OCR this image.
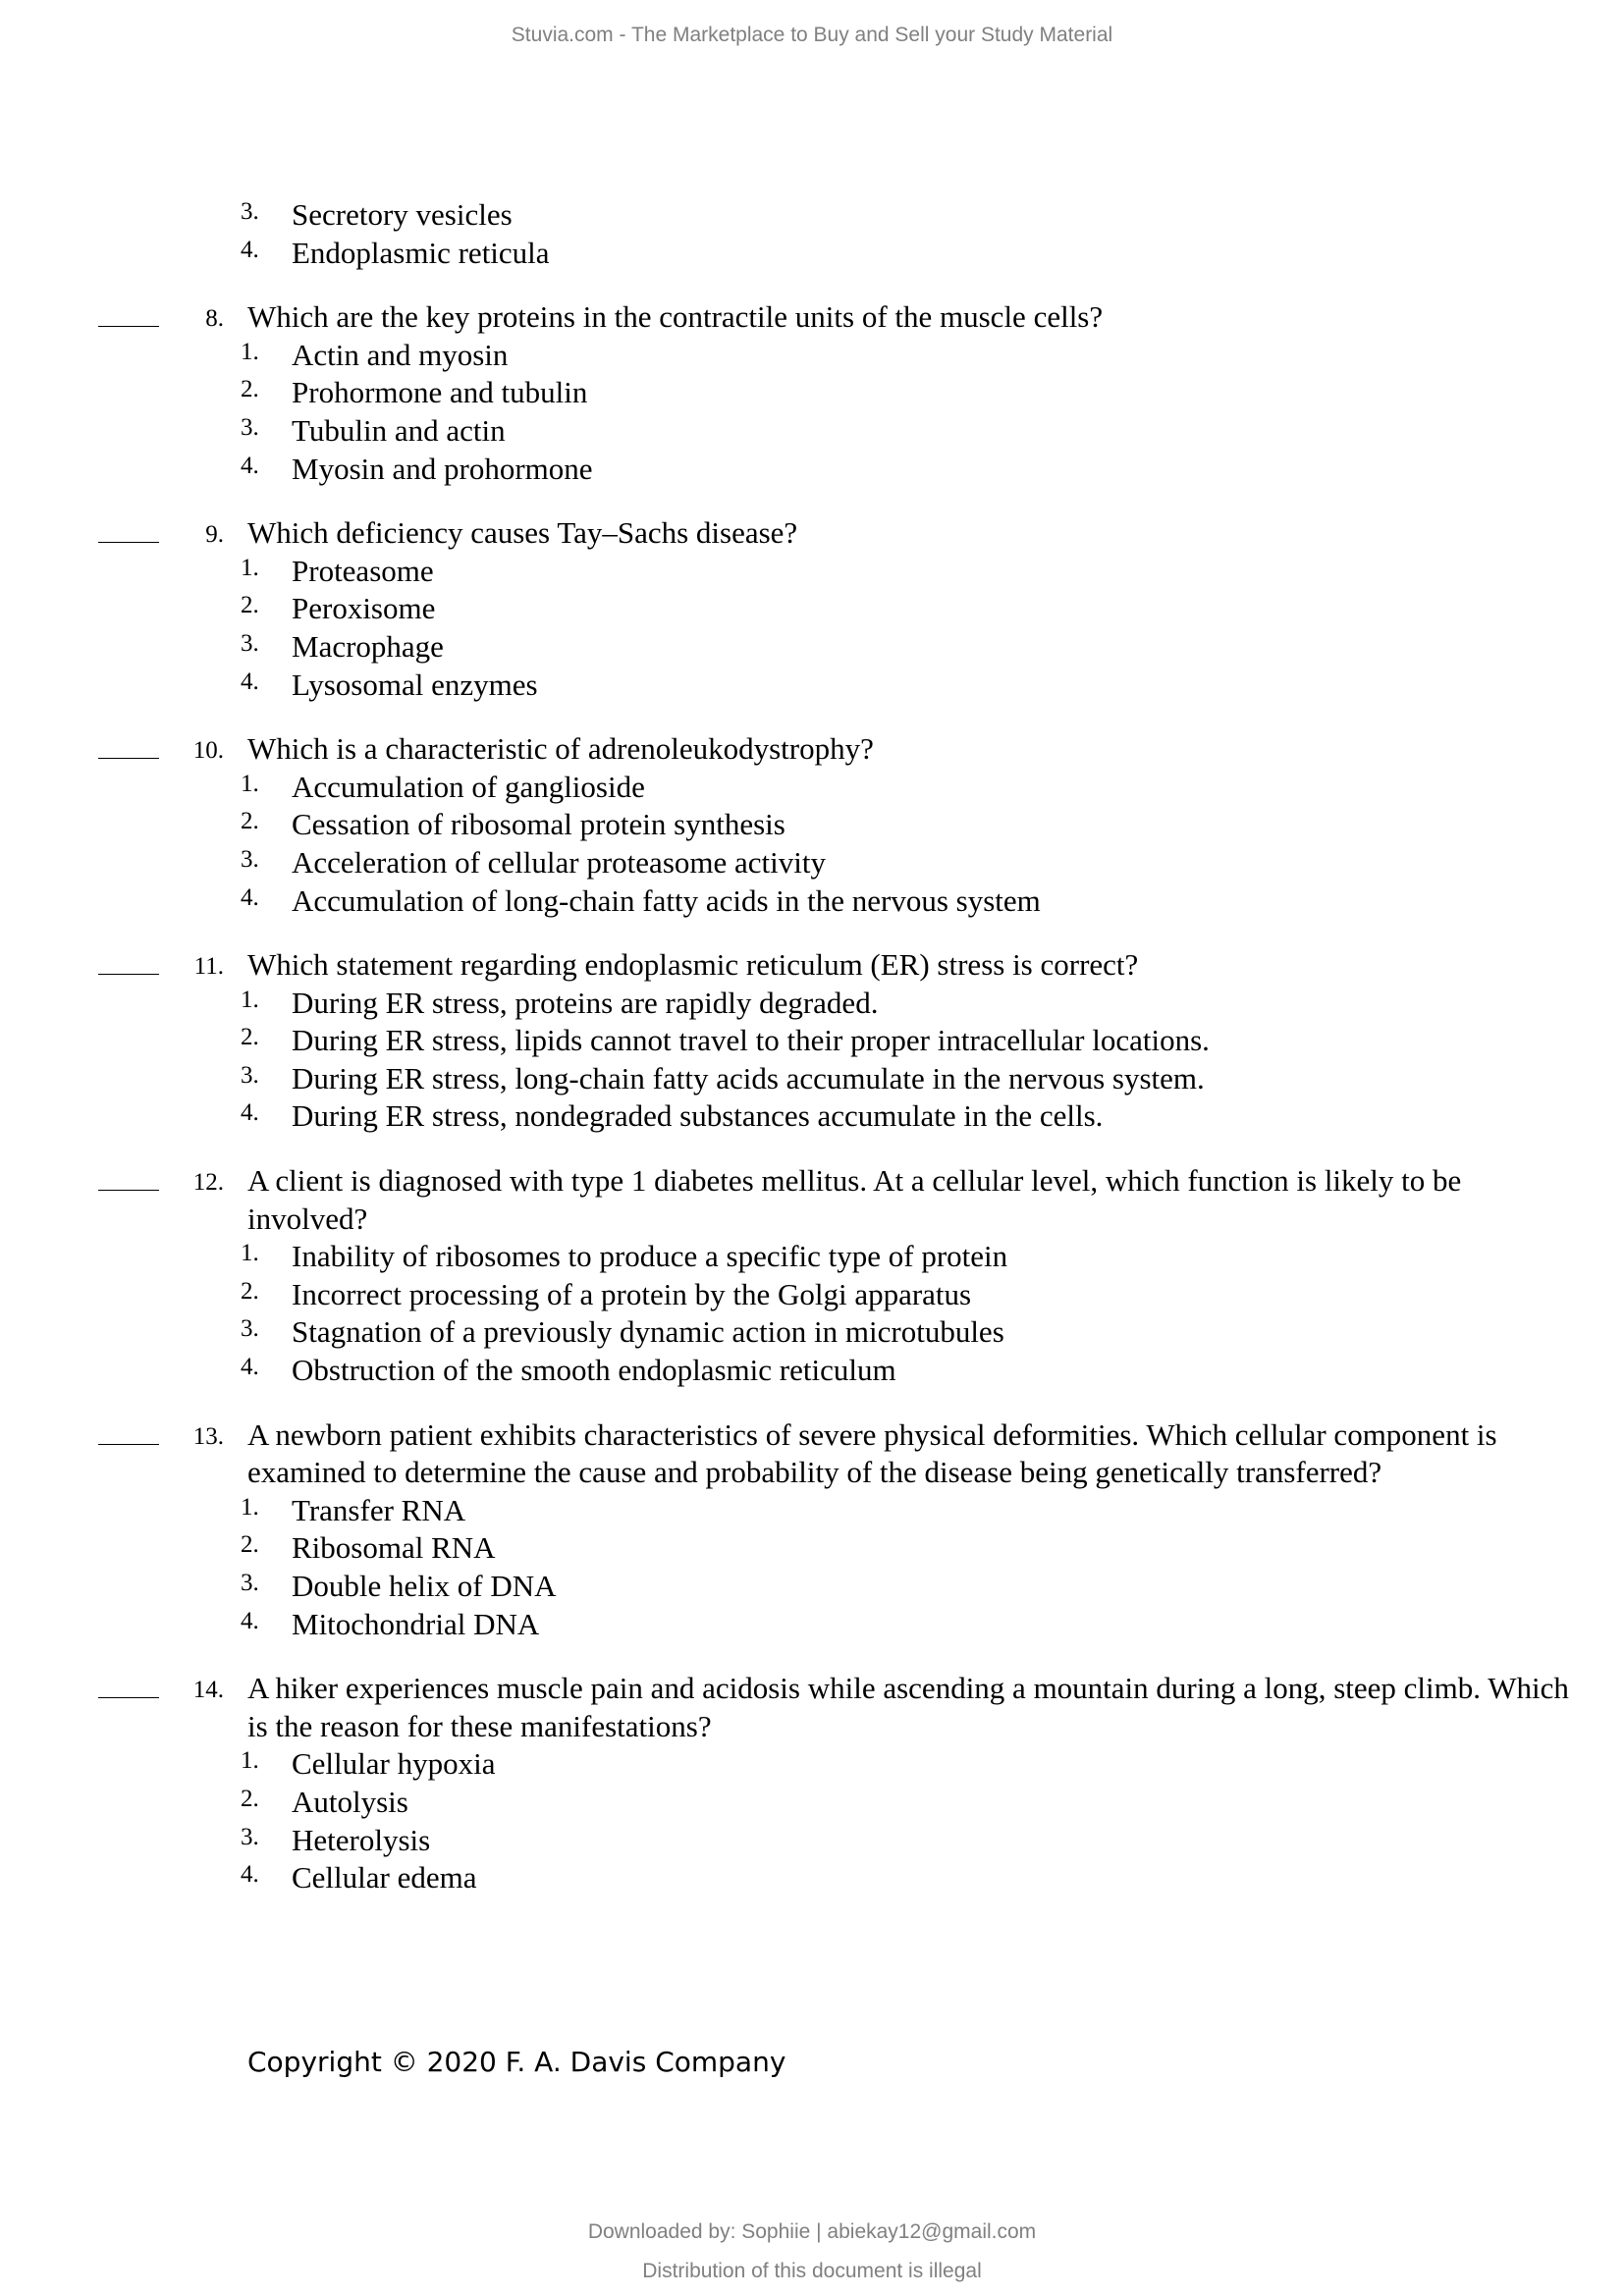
Stuvia.com - The Marketplace to Buy and Sell your Study Material
3.	Secretory vesicles
4.	Endoplasmic reticula
8. Which are the key proteins in the contractile units of the muscle cells?
1.	Actin and myosin
2.	Prohormone and tubulin
3.	Tubulin and actin
4.	Myosin and prohormone
9. Which deficiency causes Tay–Sachs disease?
1.	Proteasome
2.	Peroxisome
3.	Macrophage
4.	Lysosomal enzymes
10. Which is a characteristic of adrenoleukodystrophy?
1.	Accumulation of ganglioside
2.	Cessation of ribosomal protein synthesis
3.	Acceleration of cellular proteasome activity
4.	Accumulation of long-chain fatty acids in the nervous system
11. Which statement regarding endoplasmic reticulum (ER) stress is correct?
1.	During ER stress, proteins are rapidly degraded.
2.	During ER stress, lipids cannot travel to their proper intracellular locations.
3.	During ER stress, long-chain fatty acids accumulate in the nervous system.
4.	During ER stress, nondegraded substances accumulate in the cells.
12. A client is diagnosed with type 1 diabetes mellitus. At a cellular level, which function is likely to be involved?
1.	Inability of ribosomes to produce a specific type of protein
2.	Incorrect processing of a protein by the Golgi apparatus
3.	Stagnation of a previously dynamic action in microtubules
4.	Obstruction of the smooth endoplasmic reticulum
13. A newborn patient exhibits characteristics of severe physical deformities. Which cellular component is examined to determine the cause and probability of the disease being genetically transferred?
1.	Transfer RNA
2.	Ribosomal RNA
3.	Double helix of DNA
4.	Mitochondrial DNA
14. A hiker experiences muscle pain and acidosis while ascending a mountain during a long, steep climb. Which is the reason for these manifestations?
1.	Cellular hypoxia
2.	Autolysis
3.	Heterolysis
4.	Cellular edema
Copyright © 2020 F. A. Davis Company
Downloaded by: Sophiie | abiekay12@gmail.com
Distribution of this document is illegal
